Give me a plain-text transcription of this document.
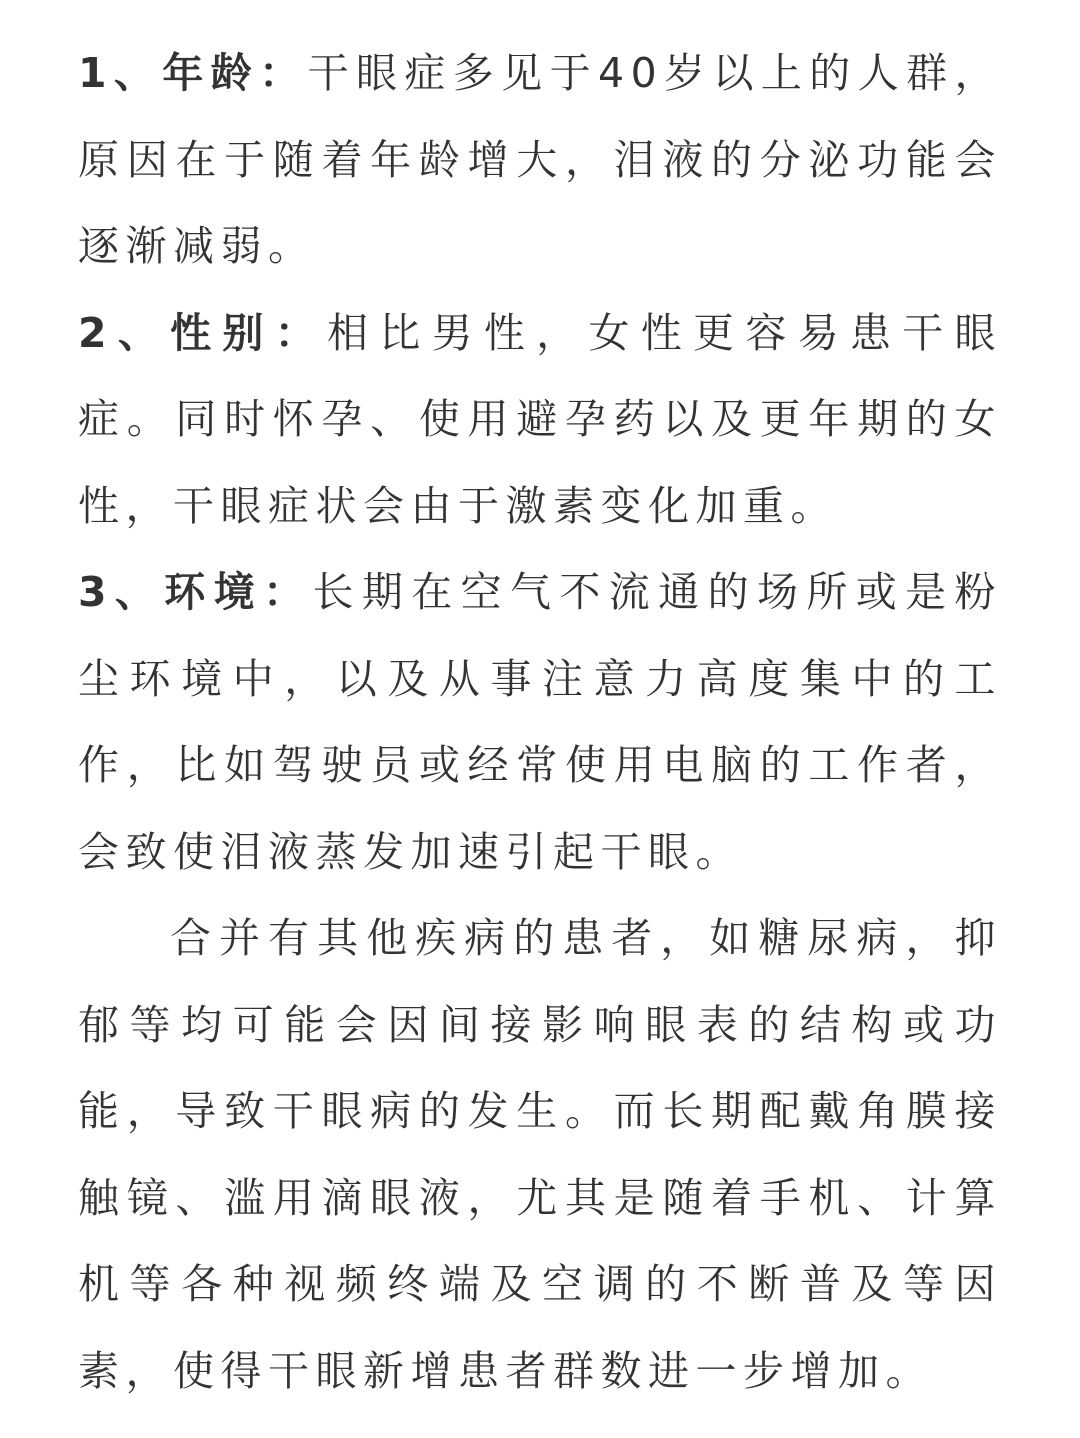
1、年龄：干眼症多见于40岁以上的人群，原因在于随着年龄增大，泪液的分泌功能会逐渐减弱。

2、性别：相比男性，女性更容易患干眼症。同时怀孕、使用避孕药以及更年期的女性，干眼症状会由于激素变化加重。

3、环境：长期在空气不流通的场所或是粉尘环境中，以及从事注意力高度集中的工作，比如驾驶员或经常使用电脑的工作者，会致使泪液蒸发加速引起干眼。

合并有其他疾病的患者，如糖尿病，抑郁等均可能会因间接影响眼表的结构或功能，导致干眼病的发生。而长期配戴角膜接触镜、滥用滴眼液，尤其是随着手机、计算机等各种视频终端及空调的不断普及等因素，使得干眼新增患者群数进一步增加。
